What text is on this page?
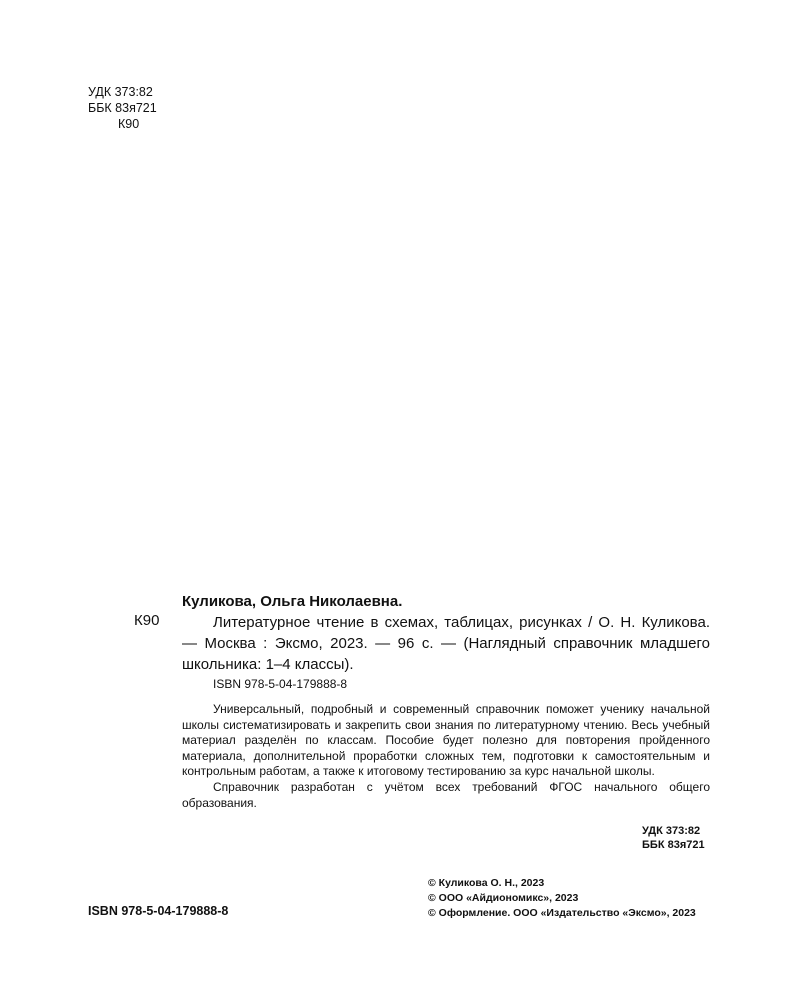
УДК 373:82
ББК 83я721
К90
Куликова, Ольга Николаевна.
К90	Литературное чтение в схемах, таблицах, рисунках / О. Н. Куликова. — Москва : Эксмо, 2023. — 96 с. — (Наглядный справочник младшего школьника: 1–4 классы).
ISBN 978-5-04-179888-8

Универсальный, подробный и современный справочник поможет ученику начальной школы систематизировать и закрепить свои знания по литературному чтению. Весь учебный материал разделён по классам. Пособие будет полезно для повторения пройденного материала, дополнительной проработки сложных тем, подготовки к самостоятельным и контрольным работам, а также к итоговому тестированию за курс начальной школы.

Справочник разработан с учётом всех требований ФГОС начального общего образования.

УДК 373:82
ББК 83я721
ISBN 978-5-04-179888-8
© Куликова О. Н., 2023
© ООО «Айдиономикс», 2023
© Оформление. ООО «Издательство «Эксмо», 2023
